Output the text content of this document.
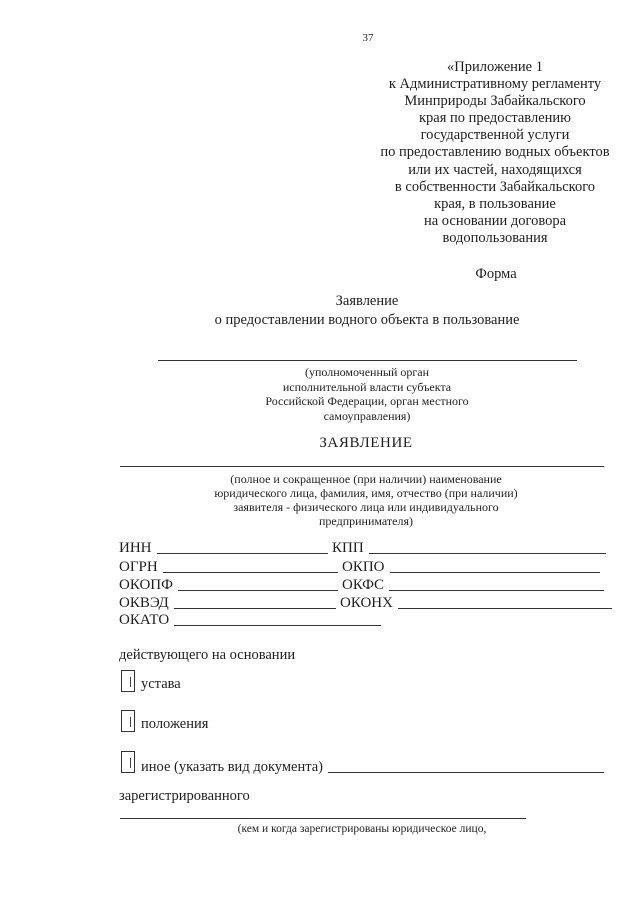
37
«Приложение 1
к Административному регламенту
Минприроды Забайкальского
края по предоставлению
государственной услуги
по предоставлению водных объектов
или их частей, находящихся
в собственности Забайкальского
края, в пользование
на основании договора
водопользования
Форма
Заявление
о предоставлении водного объекта в пользование
(уполномоченный орган
исполнительной власти субъекта
Российской Федерации, орган местного
самоуправления)
ЗАЯВЛЕНИЕ
(полное и сокращенное (при наличии) наименование
юридического лица, фамилия, имя, отчество (при наличии)
заявителя - физического лица или индивидуального
предпринимателя)
ИНН	КПП
ОГРН	ОКПО
ОКОПФ	ОКФС
ОКВЭД	ОКОНХ
ОКАТО
действующего на основании
устава
положения
иное (указать вид документа)
зарегистрированного
(кем и когда зарегистрированы юридическое лицо,
